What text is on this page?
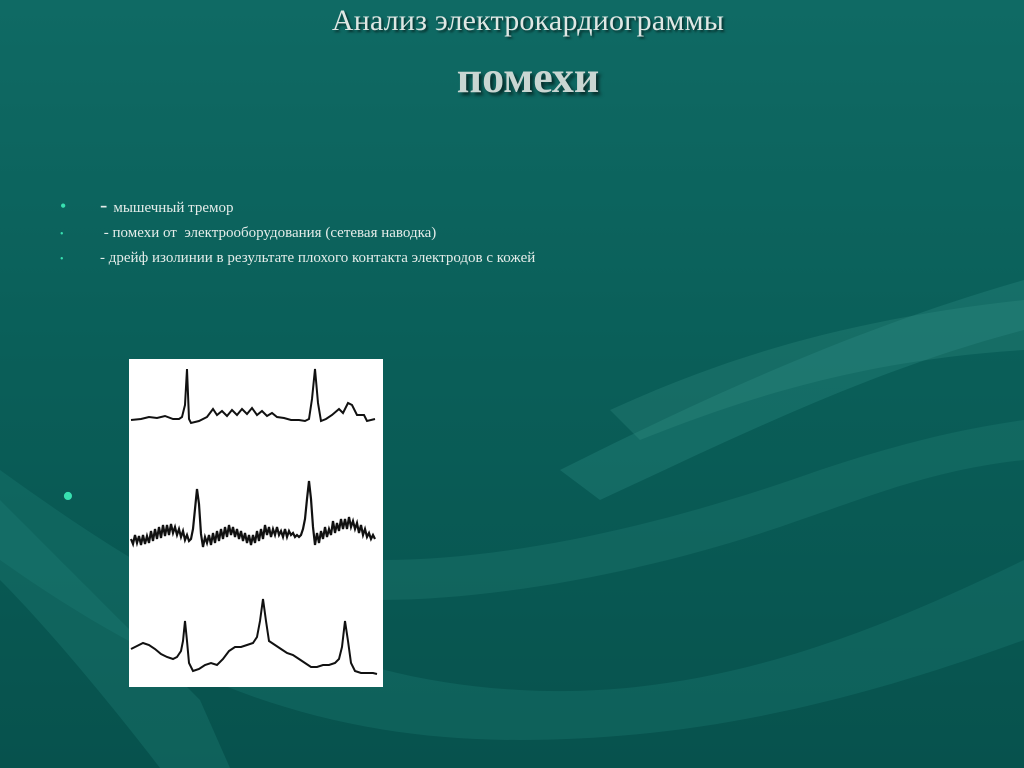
Анализ электрокардиограммы
помехи
•	- мышечный тремор
•	- помехи от  электрооборудования (сетевая наводка)
•	- дрейф изолинии в результате плохого контакта электродов с кожей
•
